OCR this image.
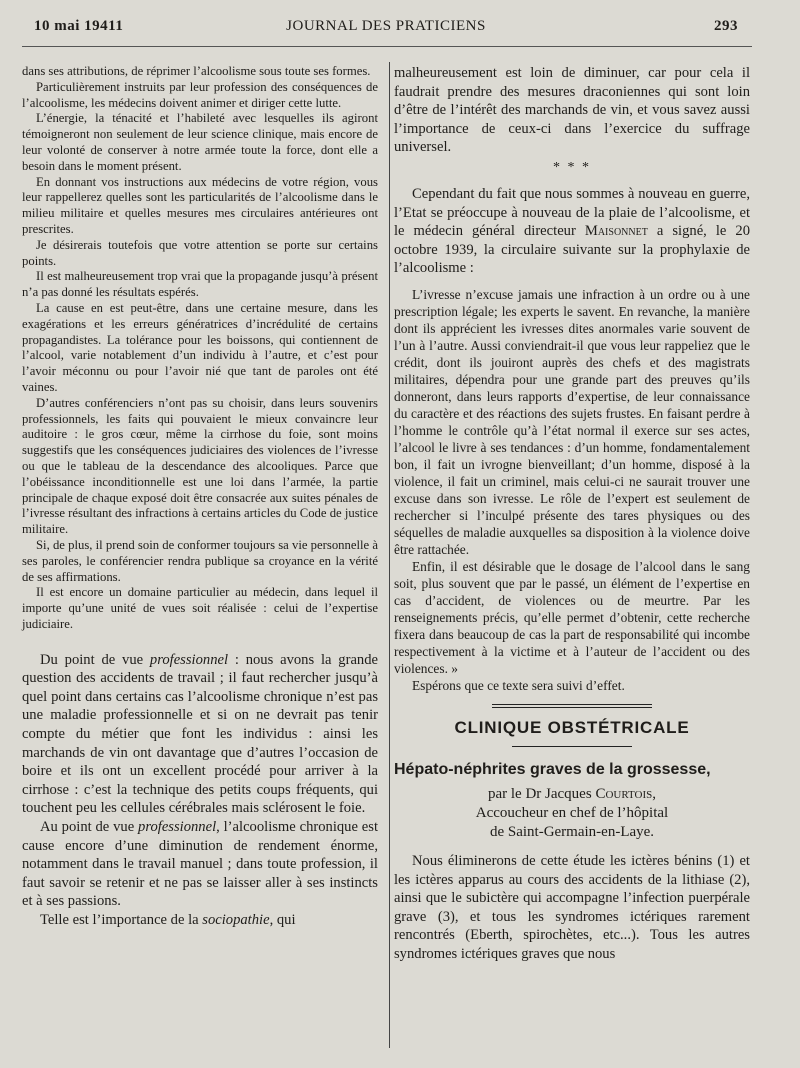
10 mai 19411	JOURNAL DES PRATICIENS	293

dans ses attributions, de réprimer l’alcoolisme sous toute ses formes.

Particulièrement instruits par leur profession des conséquences de l’alcoolisme, les médecins doivent animer et diriger cette lutte.

L’énergie, la ténacité et l’habileté avec lesquelles ils agiront témoigneront non seulement de leur science clinique, mais encore de leur volonté de conserver à notre armée toute la force, dont elle a besoin dans le moment présent.

En donnant vos instructions aux médecins de votre région, vous leur rappellerez quelles sont les particularités de l’alcoolisme dans le milieu militaire et quelles mesures mes circulaires antérieures ont prescrites.

Je désirerais toutefois que votre attention se porte sur certains points.

Il est malheureusement trop vrai que la propagande jusqu’à présent n’a pas donné les résultats espérés.

La cause en est peut-être, dans une certaine mesure, dans les exagérations et les erreurs génératrices d’incrédulité de certains propagandistes. La tolérance pour les boissons, qui contiennent de l’alcool, varie notablement d’un individu à l’autre, et c’est pour l’avoir méconnu ou pour l’avoir nié que tant de paroles ont été vaines.

D’autres conférenciers n’ont pas su choisir, dans leurs souvenirs professionnels, les faits qui pouvaient le mieux convaincre leur auditoire : le gros cœur, même la cirrhose du foie, sont moins suggestifs que les conséquences judiciaires des violences de l’ivresse ou que le tableau de la descendance des alcooliques. Parce que l’obéissance inconditionnelle est une loi dans l’armée, la partie principale de chaque exposé doit être consacrée aux suites pénales de l’ivresse résultant des infractions à certains articles du Code de justice militaire.

Si, de plus, il prend soin de conformer toujours sa vie personnelle à ses paroles, le conférencier rendra publique sa croyance en la vérité de ses affirmations.

Il est encore un domaine particulier au médecin, dans lequel il importe qu’une unité de vues soit réalisée : celui de l’expertise judiciaire.

Du point de vue professionnel : nous avons la grande question des accidents de travail ; il faut rechercher jusqu’à quel point dans certains cas l’alcoolisme chronique n’est pas une maladie professionnelle et si on ne devrait pas tenir compte du métier que font les individus : ainsi les marchands de vin ont davantage que d’autres l’occasion de boire et ils ont un excellent procédé pour arriver à la cirrhose : c’est la technique des petits coups fréquents, qui touchent peu les cellules cérébrales mais sclérosent le foie.

Au point de vue professionnel, l’alcoolisme chronique est cause encore d’une diminution de rendement énorme, notamment dans le travail manuel ; dans toute profession, il faut savoir se retenir et ne pas se laisser aller à ses instincts et à ses passions.

Telle est l’importance de la sociopathie, qui

malheureusement est loin de diminuer, car pour cela il faudrait prendre des mesures draconiennes qui sont loin d’être de l’intérêt des marchands de vin, et vous savez aussi l’importance de ceux-ci dans l’exercice du suffrage universel.

* * *

Cependant du fait que nous sommes à nouveau en guerre, l’Etat se préoccupe à nouveau de la plaie de l’alcoolisme, et le médecin général directeur Maisonnet a signé, le 20 octobre 1939, la circulaire suivante sur la prophylaxie de l’alcoolisme :

L’ivresse n’excuse jamais une infraction à un ordre ou à une prescription légale; les experts le savent. En revanche, la manière dont ils apprécient les ivresses dites anormales varie souvent de l’un à l’autre. Aussi conviendrait-il que vous leur rappeliez que le crédit, dont ils jouiront auprès des chefs et des magistrats militaires, dépendra pour une grande part des preuves qu’ils donneront, dans leurs rapports d’expertise, de leur connaissance du caractère et des réactions des sujets frustes. En faisant perdre à l’homme le contrôle qu’à l’état normal il exerce sur ses actes, l’alcool le livre à ses tendances : d’un homme, fondamentalement bon, il fait un ivrogne bienveillant; d’un homme, disposé à la violence, il fait un criminel, mais celui-ci ne saurait trouver une excuse dans son ivresse. Le rôle de l’expert est seulement de rechercher si l’inculpé présente des tares physiques ou des séquelles de maladie auxquelles sa disposition à la violence doive être rattachée.

Enfin, il est désirable que le dosage de l’alcool dans le sang soit, plus souvent que par le passé, un élément de l’expertise en cas d’accident, de violences ou de meurtre. Par les renseignements précis, qu’elle permet d’obtenir, cette recherche fixera dans beaucoup de cas la part de responsabilité qui incombe respectivement à la victime et à l’auteur de l’accident ou des violences. »

Espérons que ce texte sera suivi d’effet.

CLINIQUE OBSTÉTRICALE
Hépato-néphrites graves de la grossesse,
par le Dr Jacques Courtois,
Accoucheur en chef de l’hôpital
de Saint-Germain-en-Laye.

Nous éliminerons de cette étude les ictères bénins (1) et les ictères apparus au cours des accidents de la lithiase (2), ainsi que le subictère qui accompagne l’infection puerpérale grave (3), et tous les syndromes ictériques rarement rencontrés (Eberth, spirochètes, etc...). Tous les autres syndromes ictériques graves que nous
